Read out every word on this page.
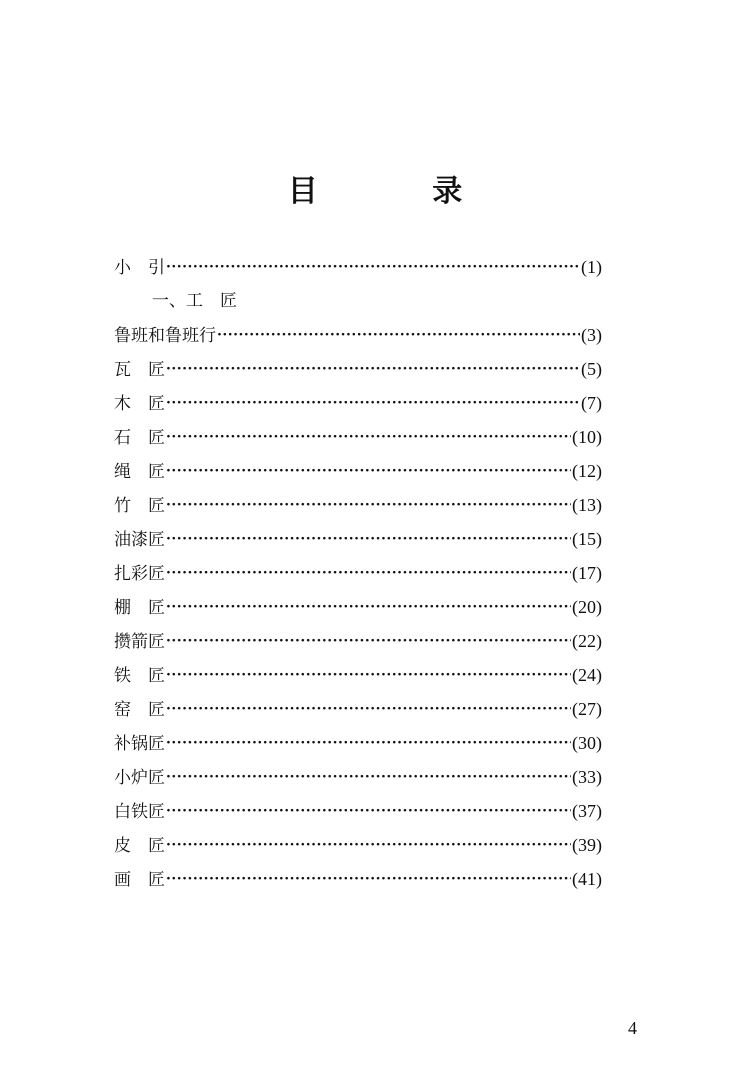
目 录
小　引 ·····	(1)
一、工　匠
鲁班和鲁班行 ·····	(3)
瓦　匠 ·····	(5)
木　匠 ·····	(7)
石　匠 ·····	(10)
绳　匠 ·····	(12)
竹　匠 ·····	(13)
油漆匠 ·····	(15)
扎彩匠 ·····	(17)
棚　匠 ·····	(20)
攒箭匠 ·····	(22)
铁　匠 ·····	(24)
窑　匠 ·····	(27)
补锅匠 ·····	(30)
小炉匠 ·····	(33)
白铁匠 ·····	(37)
皮　匠 ·····	(39)
画　匠 ·····	(41)
4
